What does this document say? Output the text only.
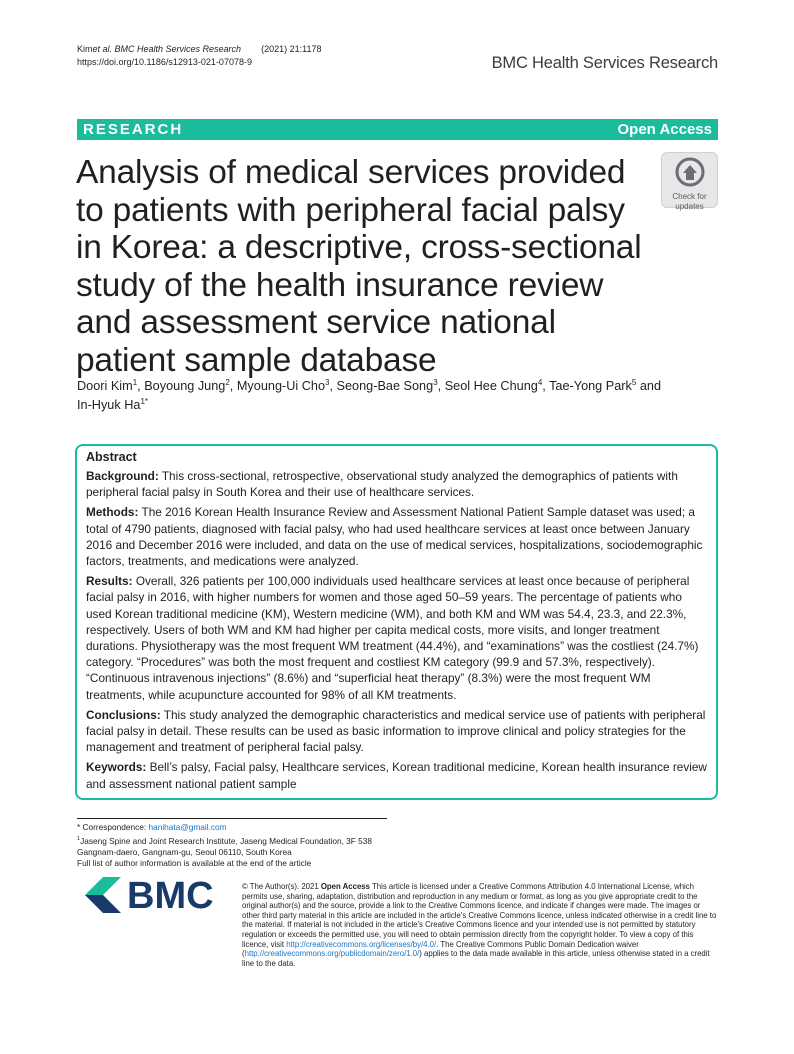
Kimet al. BMC Health Services Research (2021) 21:1178
https://doi.org/10.1186/s12913-021-07078-9	BMC Health Services Research
RESEARCH	Open Access
Analysis of medical services provided to patients with peripheral facial palsy in Korea: a descriptive, cross-sectional study of the health insurance review and assessment service national patient sample database
Check for
updates
Doori Kim$^1$, Boyoung Jung$^2$, Myoung-Ui Cho$^3$, Seong-Bae Song$^3$, Seol Hee Chung$^4$, Tae-Yong Park$^5$ and
In-Hyuk $Ha^{1*}$
Abstract

Background: This cross-sectional, retrospective, observational study analyzed the demographics of patients with peripheral facial palsy in South Korea and their use of healthcare services.

Methods: The 2016 Korean Health Insurance Review and Assessment National Patient Sample dataset was used; a total of 4790 patients, diagnosed with facial palsy, who had used healthcare services at least once between January 2016 and December 2016 were included, and data on the use of medical services, hospitalizations, sociodemographic factors, treatments, and medications were analyzed.

Results: Overall, 326 patients per 100,000 individuals used healthcare services at least once because of peripheral facial palsy in 2016, with higher numbers for women and those aged 50–59 years. The percentage of patients who used Korean traditional medicine (KM), Western medicine (WM), and both KM and WM was 54.4, 23.3, and 22.3%, respectively. Users of both WM and KM had higher per capita medical costs, more visits, and longer treatment durations. Physiotherapy was the most frequent WM treatment (44.4%), and “examinations” was the costliest (24.7%) category. “Procedures” was both the most frequent and costliest KM category (99.9 and 57.3%, respectively). “Continuous intravenous injections” (8.6%) and “superficial heat therapy” (8.3%) were the most frequent WM treatments, while acupuncture accounted for 98% of all KM treatments.

Conclusions: This study analyzed the demographic characteristics and medical service use of patients with peripheral facial palsy in detail. These results can be used as basic information to improve clinical and policy strategies for the management and treatment of peripheral facial palsy.

Keywords: Bell’s palsy, Facial palsy, Healthcare services, Korean traditional medicine, Korean health insurance review and assessment national patient sample

* Correspondence: hanihata@gmail.com
$^1$Jaseng Spine and Joint Research Institute, Jaseng Medical Foundation, 3F 538 Gangnam-daero, Gangnam-gu, Seoul 06110, South Korea
Full list of author information is available at the end of the article
BMC	© The Author(s). 2021 Open Access This article is licensed under a Creative Commons Attribution 4.0 International License, which permits use, sharing, adaptation, distribution and reproduction in any medium or format, as long as you give appropriate credit to the original author(s) and the source, provide a link to the Creative Commons licence, and indicate if changes were made. The images or other third party material in this article are included in the article's Creative Commons licence, unless indicated otherwise in a credit line to the material. If material is not included in the article's Creative Commons licence and your intended use is not permitted by statutory regulation or exceeds the permitted use, you will need to obtain permission directly from the copyright holder. To view a copy of this licence, visit http://creativecommons.org/licenses/by/4.0/. The Creative Commons Public Domain Dedication waiver (http://creativecommons.org/publicdomain/zero/1.0/) applies to the data made available in this article, unless otherwise stated in a credit line to the data.
